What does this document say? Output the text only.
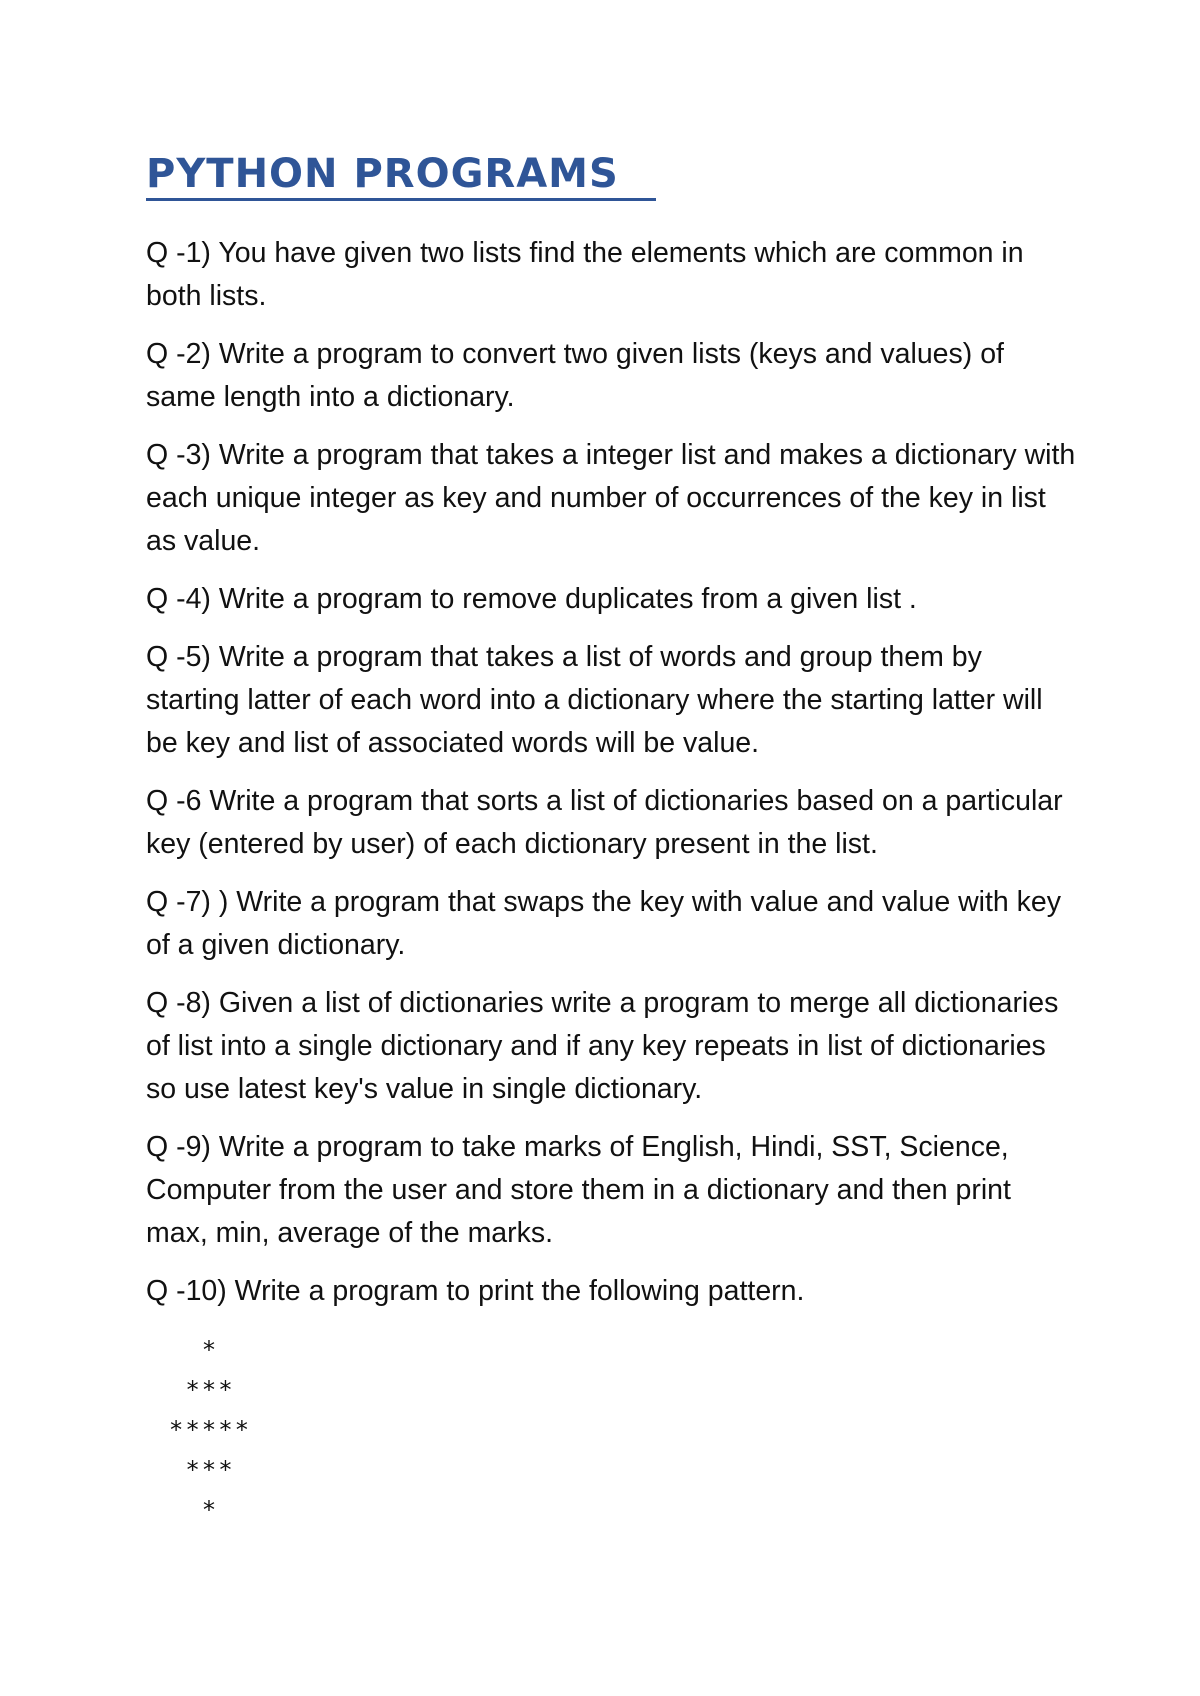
PYTHON PROGRAMS
Q -1) You have given two lists find the elements which are common in both lists.
Q -2) Write a program to convert two given lists (keys and values) of same length into a dictionary.
Q -3) Write a program that takes a integer list and makes a dictionary with each unique integer as key and number of occurrences of the key in list as value.
Q -4) Write a program to remove duplicates from a given list .
Q -5) Write a program that takes a list of words and group them by starting latter of each word into a dictionary where the starting latter will be key and list of associated words will be value.
Q -6 Write a program that sorts a list of dictionaries based on a particular key (entered by user) of each dictionary present in the list.
Q -7) ) Write a program that swaps the key with value and value with key of a given dictionary.
Q -8) Given a list of dictionaries write a program to merge all dictionaries of list into a single dictionary and if any key repeats in list of dictionaries so use latest key's value in single dictionary.
Q -9) Write a program to take marks of English, Hindi, SST, Science, Computer from the user and store them in a dictionary and then print max, min, average of the marks.
Q -10) Write a program to print the following pattern.
*
***
*****
***
*
